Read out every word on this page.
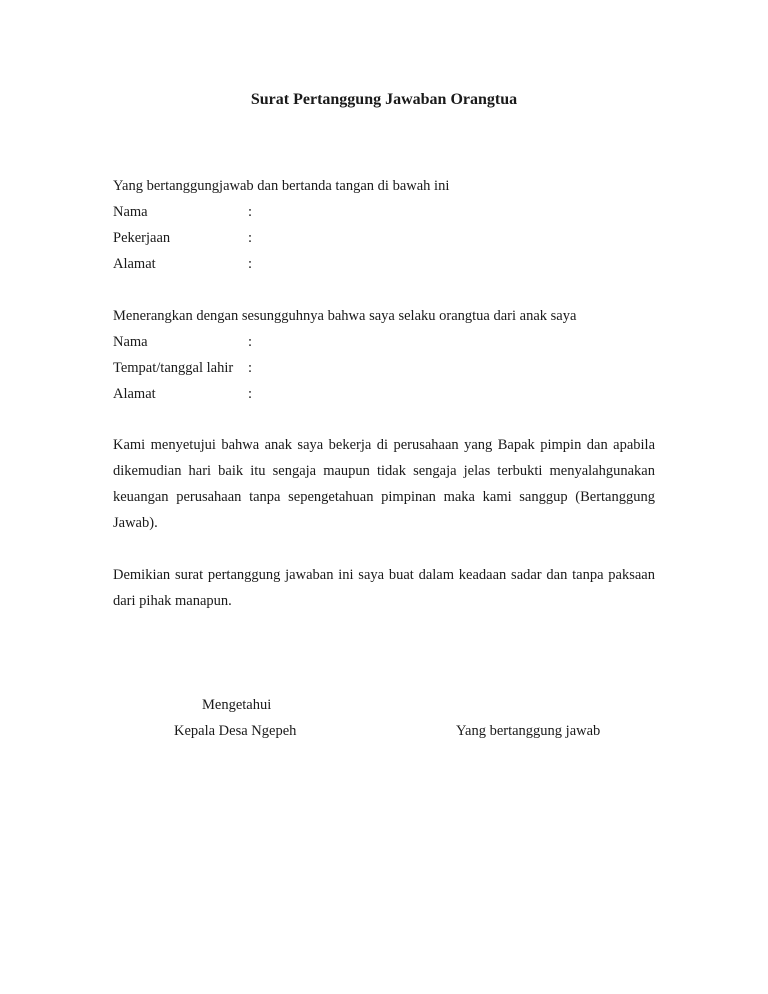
Surat Pertanggung Jawaban Orangtua
Yang bertanggungjawab dan bertanda tangan di bawah ini
Nama	:
Pekerjaan	:
Alamat	:
Menerangkan dengan sesungguhnya bahwa saya selaku orangtua dari anak saya
Nama	:
Tempat/tanggal lahir :
Alamat	:
Kami menyetujui bahwa anak saya bekerja di perusahaan yang Bapak pimpin dan apabila dikemudian hari baik itu sengaja maupun tidak sengaja jelas terbukti menyalahgunakan keuangan perusahaan tanpa sepengetahuan pimpinan maka kami sanggup (Bertanggung Jawab).
Demikian surat pertanggung jawaban ini saya buat dalam keadaan sadar dan tanpa paksaan dari pihak manapun.
Mengetahui
Kepala Desa Ngepeh	Yang bertanggung jawab
